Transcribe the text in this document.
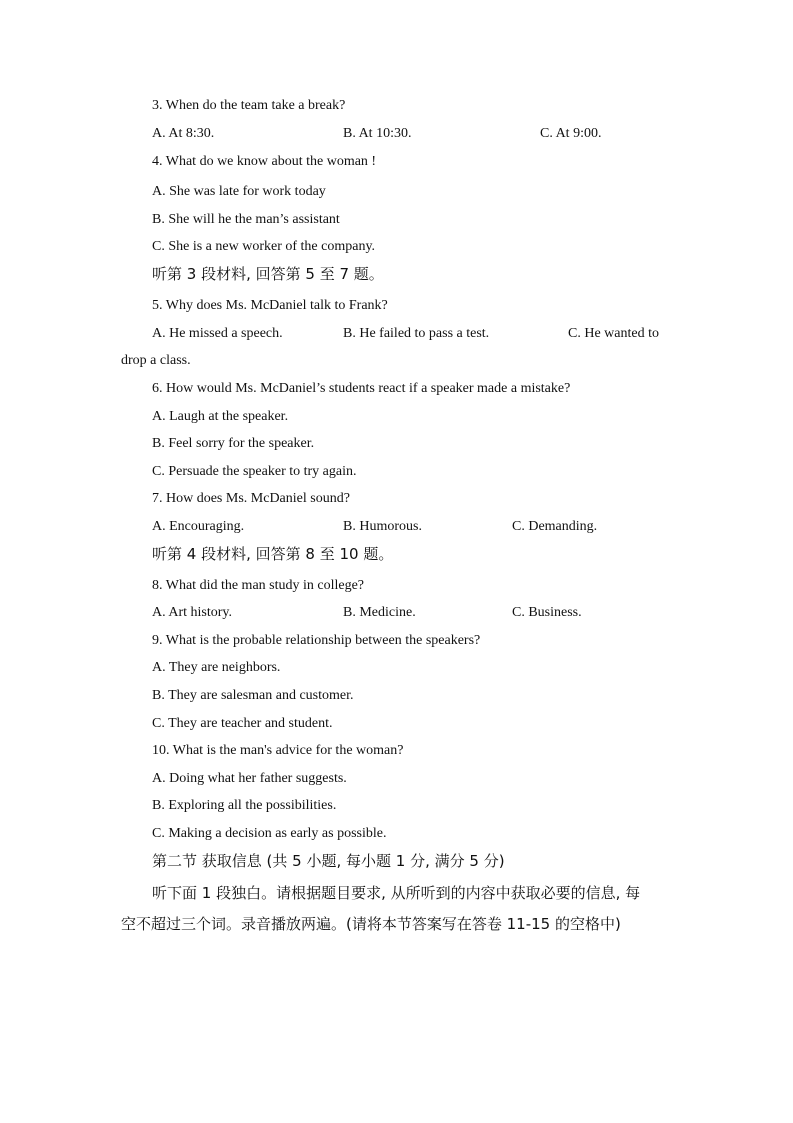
3. When do the team take a break?
A. At 8:30.	B. At 10:30.	C. At 9:00.
4. What do we know about the woman !
A. She was late for work today
B. She will he the man’s assistant
C. She is a new worker of the company.
听第 3 段材料, 回答第 5 至 7 题。
5. Why does Ms. McDaniel talk to Frank?
A. He missed a speech.	B. He failed to pass a test.	C. He wanted to
drop a class.
6. How would Ms. McDaniel’s students react if a speaker made a mistake?
A. Laugh at the speaker.
B. Feel sorry for the speaker.
C. Persuade the speaker to try again.
7. How does Ms. McDaniel sound?
A. Encouraging.	B. Humorous.	C. Demanding.
听第 4 段材料, 回答第 8 至 10 题。
8. What did the man study in college?
A. Art history.	B. Medicine.	C. Business.
9. What is the probable relationship between the speakers?
A. They are neighbors.
B. They are salesman and customer.
C. They are teacher and student.
10. What is the man's advice for the woman?
A. Doing what her father suggests.
B. Exploring all the possibilities.
C. Making a decision as early as possible.
第二节 获取信息 (共 5 小题, 每小题 1 分, 满分 5 分)
听下面 1 段独白。请根据题目要求, 从所听到的内容中获取必要的信息, 每
空不超过三个词。录音播放两遍。(请将本节答案写在答卷 11-15 的空格中)
